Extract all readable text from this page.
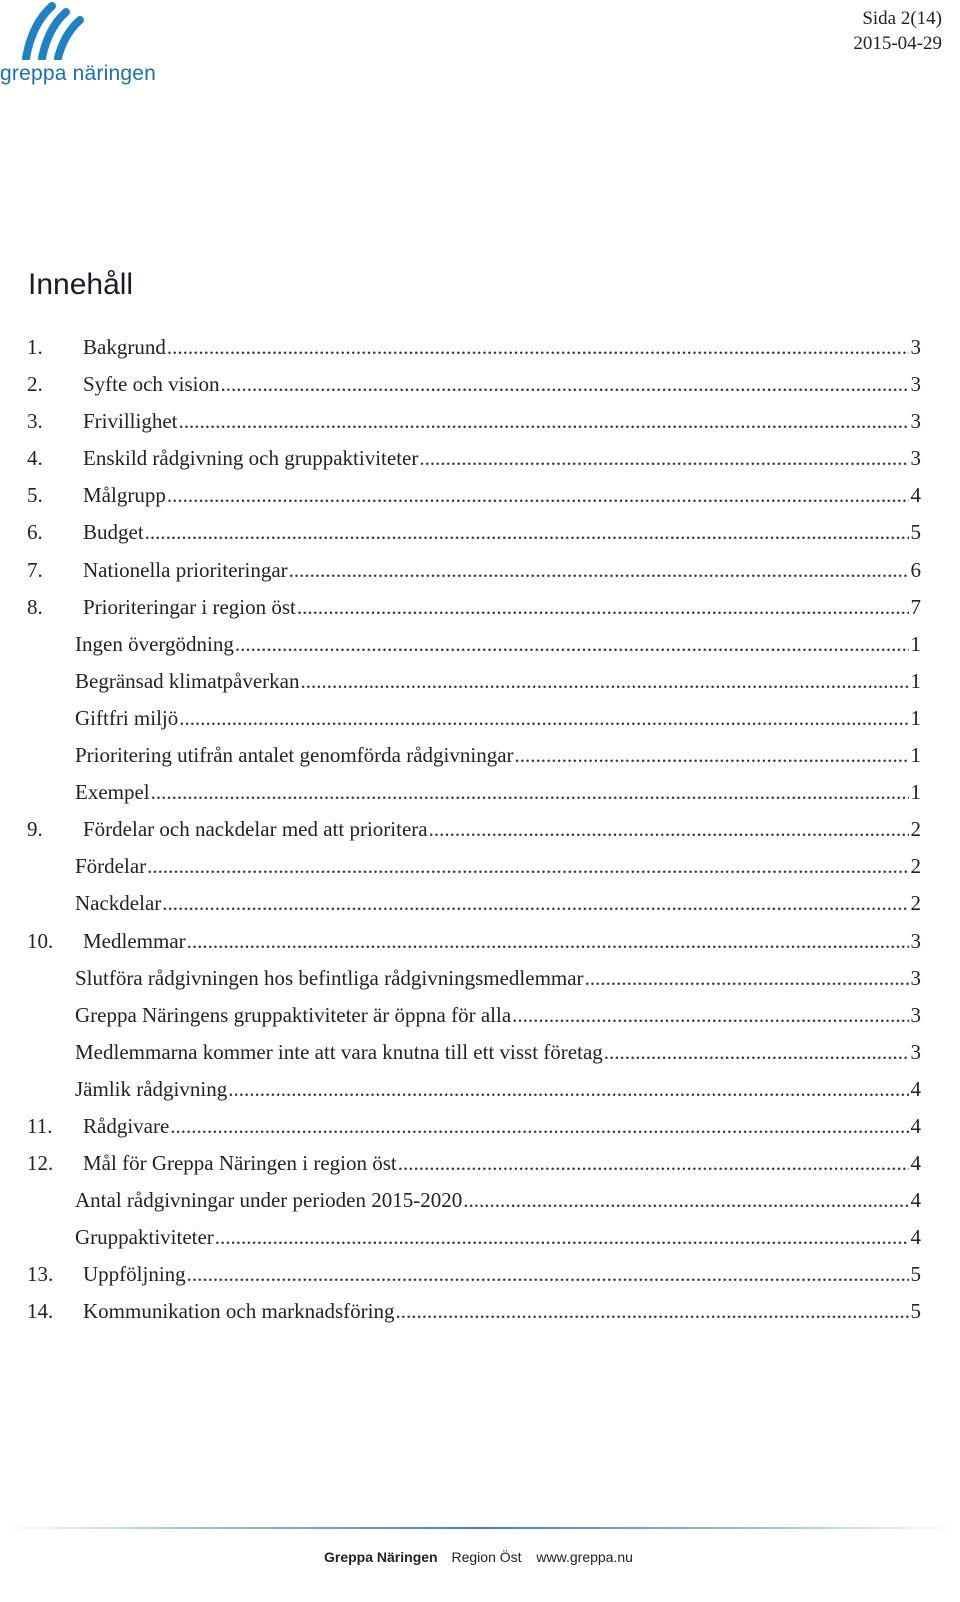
greppa näringen
Sida 2(14)
2015-04-29
Innehåll
1.	Bakgrund .....	3
2.	Syfte och vision .....	3
3.	Frivillighet .....	3
4.	Enskild rådgivning och gruppaktiviteter .....	3
5.	Målgrupp .....	4
6.	Budget .....	5
7.	Nationella prioriteringar .....	6
8.	Prioriteringar i region öst .....	7
Ingen övergödning .....	1
Begränsad klimatpåverkan .....	1
Giftfri miljö .....	1
Prioritering utifrån antalet genomförda rådgivningar .....	1
Exempel .....	1
9.	Fördelar och nackdelar med att prioritera .....	2
Fördelar .....	2
Nackdelar .....	2
10.	Medlemmar .....	3
Slutföra rådgivningen hos befintliga rådgivningsmedlemmar .....	3
Greppa Näringens gruppaktiviteter är öppna för alla .....	3
Medlemmarna kommer inte att vara knutna till ett visst företag .....	3
Jämlik rådgivning .....	4
11.	Rådgivare .....	4
12.	Mål för Greppa Näringen i region öst .....	4
Antal rådgivningar under perioden 2015-2020 .....	4
Gruppaktiviteter .....	4
13.	Uppföljning .....	5
14.	Kommunikation och marknadsföring .....	5
Greppa Näringen Region Öst www.greppa.nu
